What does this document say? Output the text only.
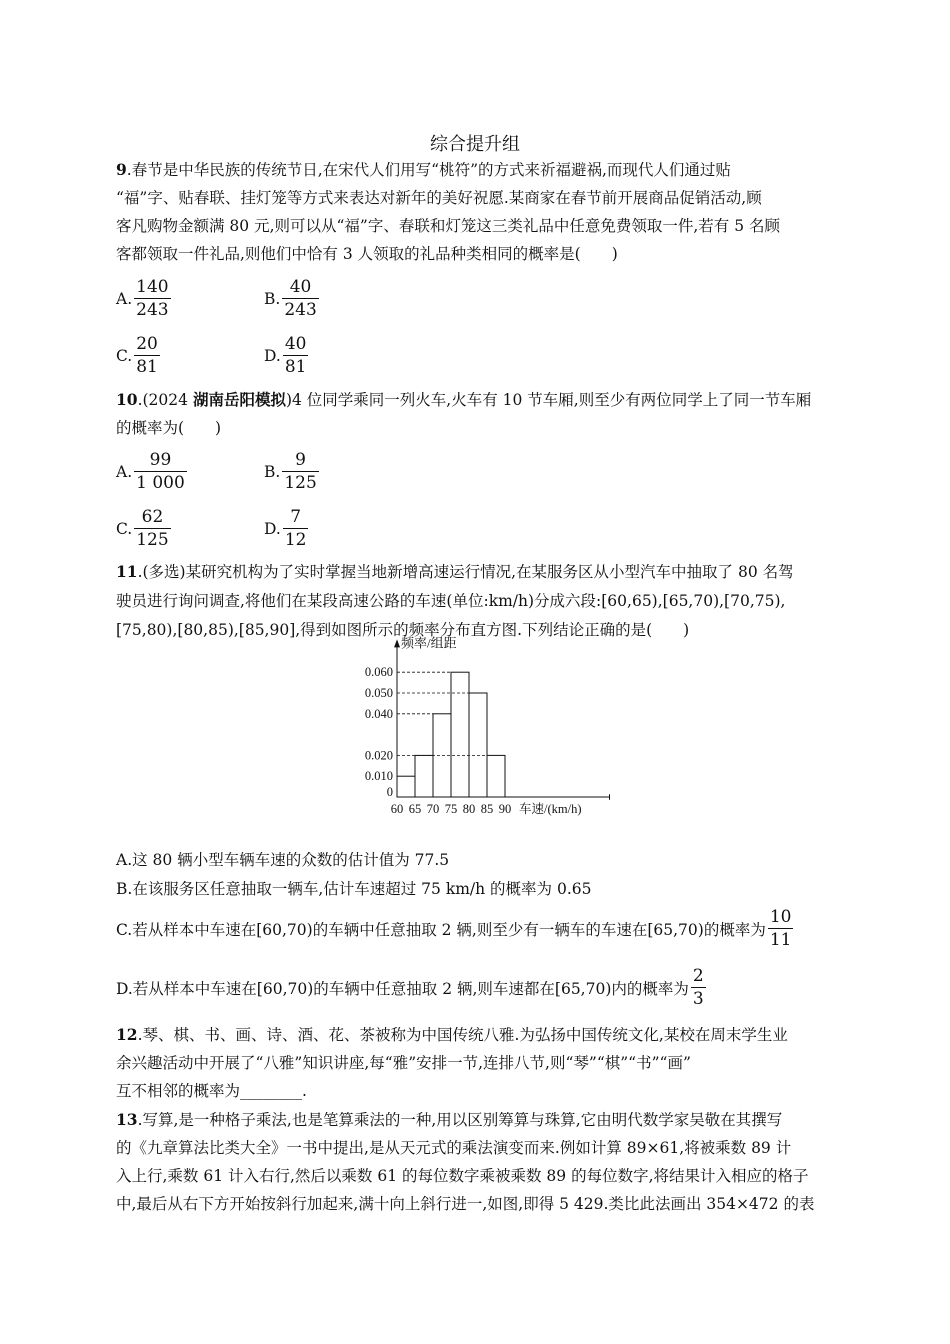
综合提升组
9.春节是中华民族的传统节日,在宋代人们用写“桃符”的方式来祈福避祸,而现代人们通过贴
“福”字、贴春联、挂灯笼等方式来表达对新年的美好祝愿.某商家在春节前开展商品促销活动,顾
客凡购物金额满 80 元,则可以从“福”字、春联和灯笼这三类礼品中任意免费领取一件,若有 5 名顾
客都领取一件礼品,则他们中恰有 3 人领取的礼品种类相同的概率是(　　)
A. $\frac{140}{243}$	B. $\frac{40}{243}$
C. $\frac{20}{81}$	D. $\frac{40}{81}$
10.(2024 湖南岳阳模拟)4 位同学乘同一列火车,火车有 10 节车厢,则至少有两位同学上了同一节车厢
的概率为(　　)
A. $\frac{99}{1 000}$	B. $\frac{9}{125}$
C. $\frac{62}{125}$	D. $\frac{7}{12}$
11.(多选)某研究机构为了实时掌握当地新增高速运行情况,在某服务区从小型汽车中抽取了 80 名驾
驶员进行询问调查,将他们在某段高速公路的车速(单位:km/h)分成六段:[60,65),[65,70),[70,75),
[75,80),[80,85),[85,90],得到如图所示的频率分布直方图.下列结论正确的是(　　)
频率/组距
0.010
0.020
0.040
0.050
0.060
0
60 65 70 75 80 85 90 车速/(km/h)
A.这 80 辆小型车辆车速的众数的估计值为 77.5
B.在该服务区任意抽取一辆车,估计车速超过 75 km/h 的概率为 0.65
C.若从样本中车速在[60,70)的车辆中任意抽取 2 辆,则至少有一辆车的车速在[65,70)的概率为 $\frac{10}{11}$
D.若从样本中车速在[60,70)的车辆中任意抽取 2 辆,则车速都在[65,70)内的概率为 $\frac{2}{3}$
12.琴、棋、书、画、诗、酒、花、茶被称为中国传统八雅.为弘扬中国传统文化,某校在周末学生业
余兴趣活动中开展了“八雅”知识讲座,每“雅”安排一节,连排八节,则“琴”“棋”“书”“画”
互不相邻的概率为________.
13.写算,是一种格子乘法,也是笔算乘法的一种,用以区别筹算与珠算,它由明代数学家吴敬在其撰写
的《九章算法比类大全》一书中提出,是从天元式的乘法演变而来.例如计算 89×61,将被乘数 89 计
入上行,乘数 61 计入右行,然后以乘数 61 的每位数字乘被乘数 89 的每位数字,将结果计入相应的格子
中,最后从右下方开始按斜行加起来,满十向上斜行进一,如图,即得 5 429.类比此法画出 354×472 的表
